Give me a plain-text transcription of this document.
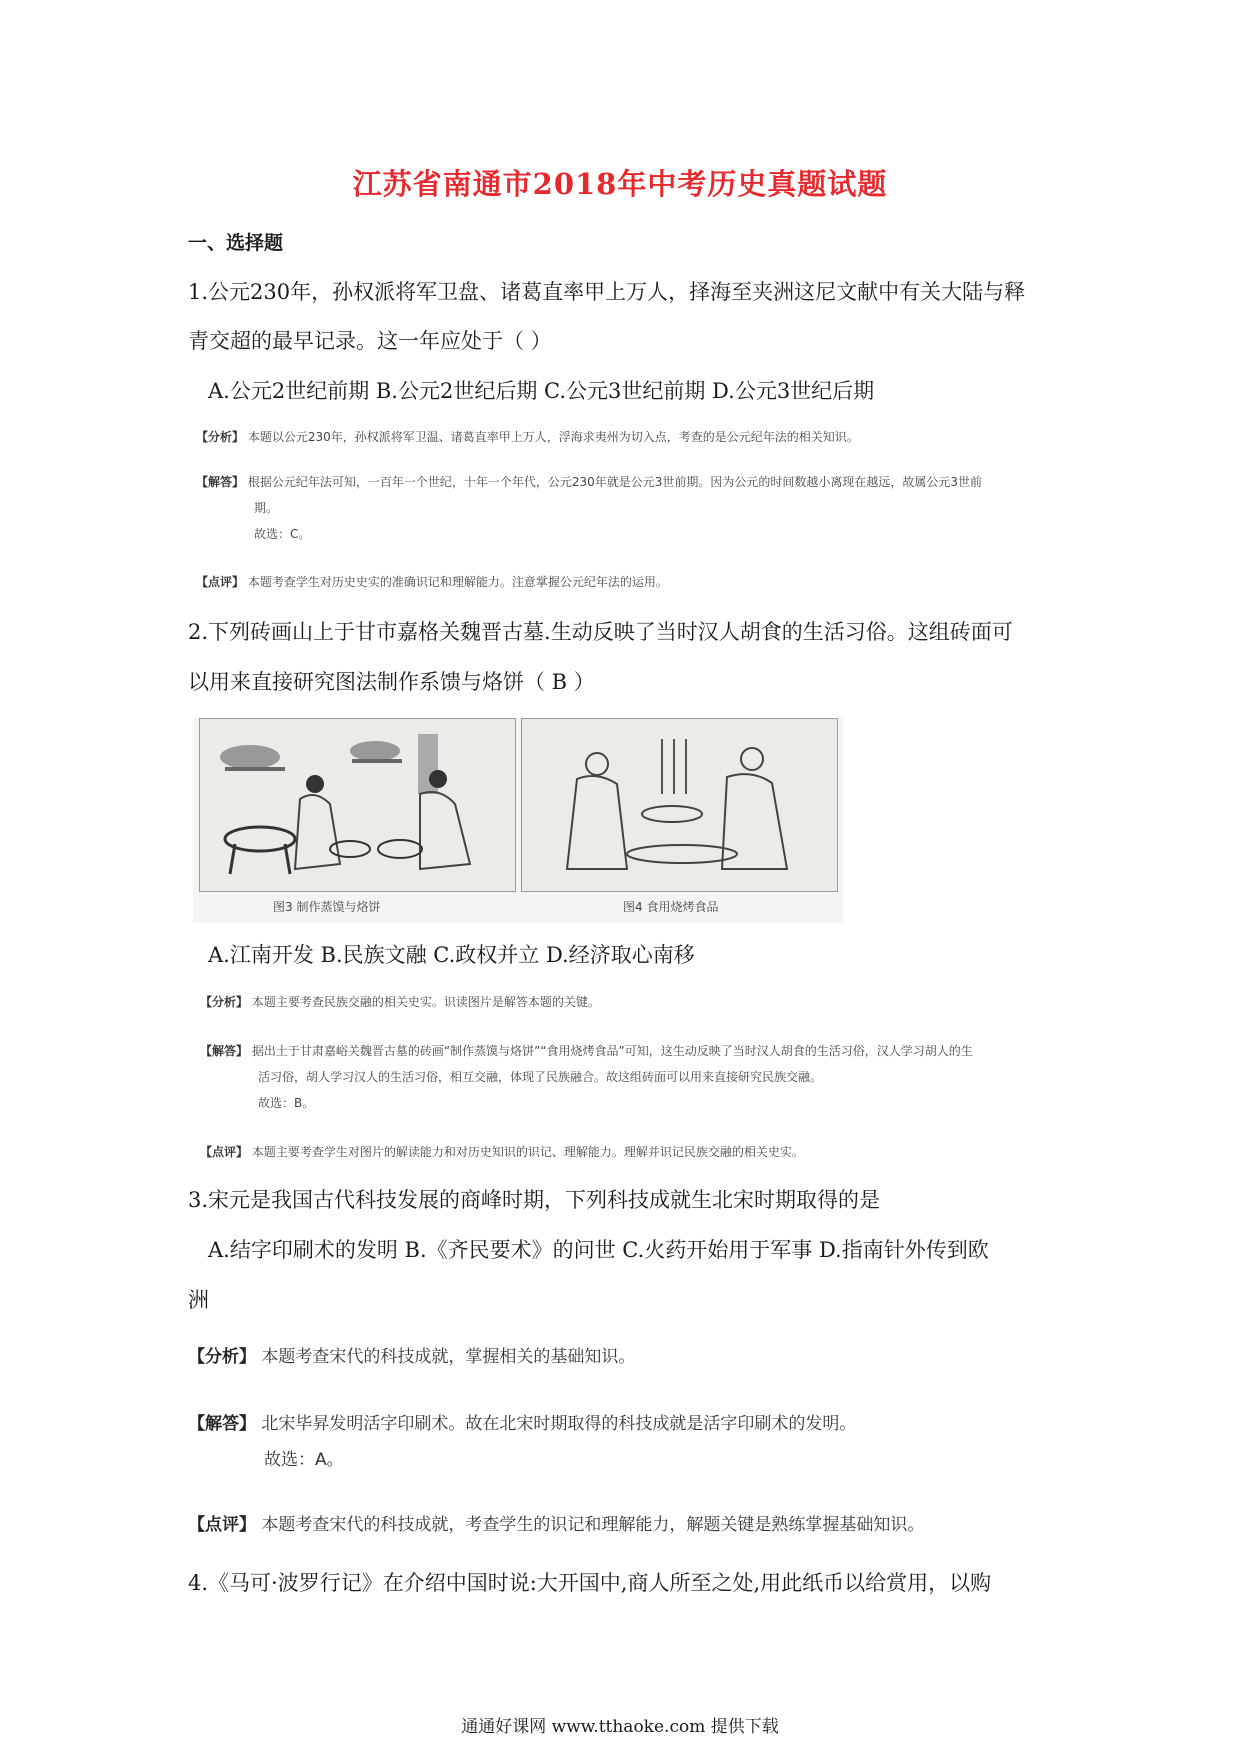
江苏省南通市2018年中考历史真题试题
一、选择题
1.公元230年，孙权派将军卫盘、诸葛直率甲上万人，择海至夹洲这尼文献中有关大陆与释
青交超的最早记录。这一年应处于（ ）
A.公元2世纪前期 B.公元2世纪后期 C.公元3世纪前期 D.公元3世纪后期
【分析】 本题以公元230年，孙权派将军卫温、诸葛直率甲上万人，浮海求夷州为切入点，考查的是公元纪年法的相关知识。
【解答】 根据公元纪年法可知，一百年一个世纪，十年一个年代，公元230年就是公元3世前期。因为公元的时间数越小离现在越远，故属公元3世前
期。
故选：C。
【点评】 本题考查学生对历史史实的准确识记和理解能力。注意掌握公元纪年法的运用。
2.下列砖画山上于甘市嘉格关魏晋古墓.生动反映了当时汉人胡食的生活习俗。这组砖面可
以用来直接研究图法制作系馈与烙饼（ B ）
图3 制作蒸馍与烙饼	图4 食用烧烤食品
A.江南开发 B.民族文融 C.政权并立 D.经济取心南移
【分析】 本题主要考查民族交融的相关史实。识读图片是解答本题的关键。
【解答】 据出土于甘肃嘉峪关魏晋古墓的砖画“制作蒸馍与烙饼”“食用烧烤食品”可知，这生动反映了当时汉人胡食的生活习俗，汉人学习胡人的生
活习俗，胡人学习汉人的生活习俗，相互交融，体现了民族融合。故这组砖面可以用来直接研究民族交融。
故选：B。
【点评】 本题主要考查学生对图片的解读能力和对历史知识的识记、理解能力。理解并识记民族交融的相关史实。
3.宋元是我国古代科技发展的商峰时期，下列科技成就生北宋时期取得的是
A.结字印刷术的发明 B.《齐民要术》的问世 C.火药开始用于军事 D.指南针外传到欧
洲
【分析】 本题考查宋代的科技成就，掌握相关的基础知识。
【解答】 北宋毕昇发明活字印刷术。故在北宋时期取得的科技成就是活字印刷术的发明。
故选：A。
【点评】 本题考查宋代的科技成就，考查学生的识记和理解能力，解题关键是熟练掌握基础知识。
4.《马可·波罗行记》在介绍中国时说:大开国中,商人所至之处,用此纸币以给赏用，以购
通通好课网 www.tthaoke.com 提供下载
